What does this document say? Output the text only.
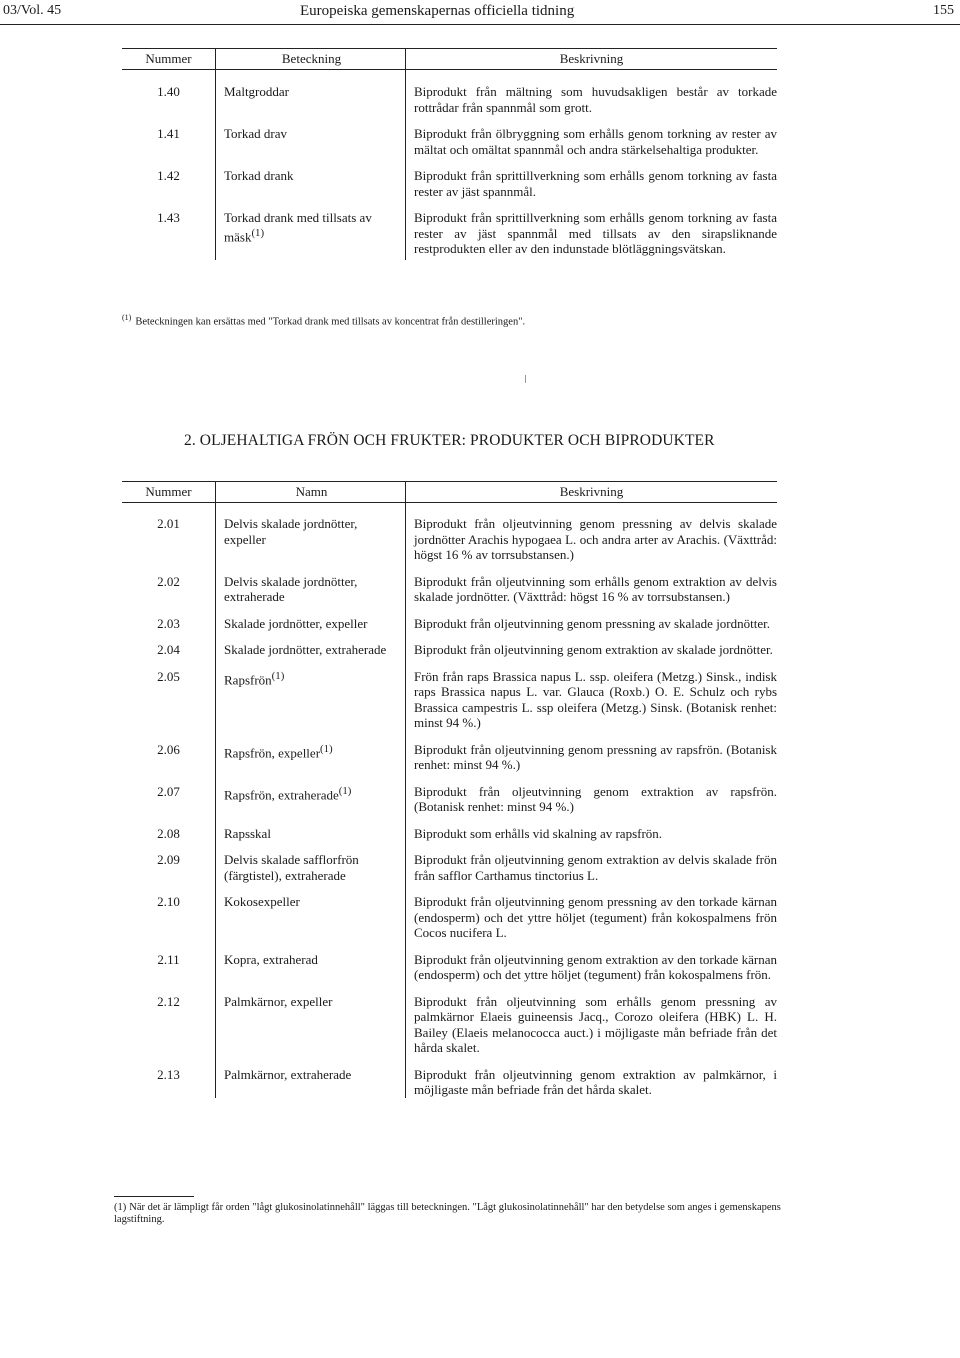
03/Vol. 45	Europeiska gemenskapernas officiella tidning	155
Nummer	Beteckning	Beskrivning
1.40	Maltgroddar	Biprodukt från mältning som huvudsakligen består av torkade rottrådar från spannmål som grott.
1.41	Torkad drav	Biprodukt från ölbryggning som erhålls genom torkning av rester av mältat och omältat spannmål och andra stärkelsehaltiga produkter.
1.42	Torkad drank	Biprodukt från sprittillverkning som erhålls genom torkning av fasta rester av jäst spannmål.
1.43	Torkad drank med tillsats av mäsk$^{(1)}$	Biprodukt från sprittillverkning som erhålls genom torkning av fasta rester av jäst spannmål med tillsats av den sirapsliknande restprodukten eller av den indunstade blötläggningsvätskan.
$^{(1)}$ Beteckningen kan ersättas med "Torkad drank med tillsats av koncentrat från destilleringen".
2. OLJEHALTIGA FRÖN OCH FRUKTER: PRODUKTER OCH BIPRODUKTER
Nummer	Namn	Beskrivning
2.01	Delvis skalade jordnötter, expeller	Biprodukt från oljeutvinning genom pressning av delvis skalade jordnötter Arachis hypogaea L. och andra arter av Arachis. (Växttråd: högst 16 % av torrsubstansen.)
2.02	Delvis skalade jordnötter, extraherade	Biprodukt från oljeutvinning som erhålls genom extraktion av delvis skalade jordnötter. (Växttråd: högst 16 % av torrsubstansen.)
2.03	Skalade jordnötter, expeller	Biprodukt från oljeutvinning genom pressning av skalade jordnötter.
2.04	Skalade jordnötter, extraherade	Biprodukt från oljeutvinning genom extraktion av skalade jordnötter.
2.05	Rapsfrön$^{(1)}$	Frön från raps Brassica napus L. ssp. oleifera (Metzg.) Sinsk., indisk raps Brassica napus L. var. Glauca (Roxb.) O. E. Schulz och rybs Brassica campestris L. ssp oleifera (Metzg.) Sinsk. (Botanisk renhet: minst 94 %.)
2.06	Rapsfrön, expeller$^{(1)}$	Biprodukt från oljeutvinning genom pressning av rapsfrön. (Botanisk renhet: minst 94 %.)
2.07	Rapsfrön, extraherade$^{(1)}$	Biprodukt från oljeutvinning genom extraktion av rapsfrön. (Botanisk renhet: minst 94 %.)
2.08	Rapsskal	Biprodukt som erhålls vid skalning av rapsfrön.
2.09	Delvis skalade safflorfrön (färgtistel), extraherade	Biprodukt från oljeutvinning genom extraktion av delvis skalade frön från safflor Carthamus tinctorius L.
2.10	Kokosexpeller	Biprodukt från oljeutvinning genom pressning av den torkade kärnan (endosperm) och det yttre höljet (tegument) från kokospalmens frön Cocos nucifera L.
2.11	Kopra, extraherad	Biprodukt från oljeutvinning genom extraktion av den torkade kärnan (endosperm) och det yttre höljet (tegument) från kokospalmens frön.
2.12	Palmkärnor, expeller	Biprodukt från oljeutvinning som erhålls genom pressning av palmkärnor Elaeis guineensis Jacq., Corozo oleifera (HBK) L. H. Bailey (Elaeis melanococca auct.) i möjligaste mån befriade från det hårda skalet.
2.13	Palmkärnor, extraherade	Biprodukt från oljeutvinning genom extraktion av palmkärnor, i möjligaste mån befriade från det hårda skalet.
(1) När det är lämpligt får orden "lågt glukosinolatinnehåll" läggas till beteckningen. "Lågt glukosinolatinnehåll" har den betydelse som anges i gemenskapens lagstiftning.
